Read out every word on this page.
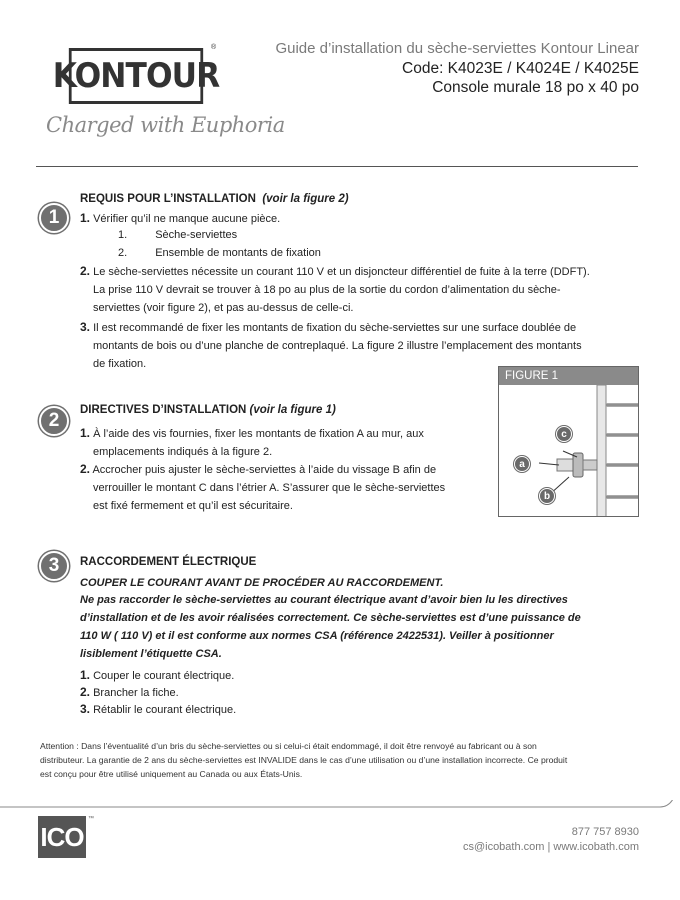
KONTOUR
®
Charged with Euphoria
Guide d’installation du sèche-serviettes Kontour Linear
Code: K4023E / K4024E / K4025E
Console murale 18 po x 40 po
1
REQUIS POUR L’INSTALLATION (voir la figure 2)
1. Vérifier qu’il ne manque aucune pièce.
1.	Sèche-serviettes
2.	Ensemble de montants de fixation
2. Le sèche-serviettes nécessite un courant 110 V et un disjoncteur différentiel de fuite à la terre (DDFT).
La prise 110 V devrait se trouver à 18 po au plus de la sortie du cordon d’alimentation du sèche-
serviettes (voir figure 2), et pas au-dessus de celle-ci.
3. Il est recommandé de fixer les montants de fixation du sèche-serviettes sur une surface doublée de
montants de bois ou d’une planche de contreplaqué. La figure 2 illustre l’emplacement des montants
de fixation.
FIGURE 1
c
a
b
2	DIRECTIVES D’INSTALLATION (voir la figure 1)
1. À l’aide des vis fournies, fixer les montants de fixation A au mur, aux
emplacements indiqués à la figure 2.
2. Accrocher puis ajuster le sèche-serviettes à l’aide du vissage B afin de
verrouiller le montant C dans l’étrier A. S’assurer que le sèche-serviettes
est fixé fermement et qu’il est sécuritaire.
3	RACCORDEMENT ÉLECTRIQUE
COUPER LE COURANT AVANT DE PROCÉDER AU RACCORDEMENT.
Ne pas raccorder le sèche-serviettes au courant électrique avant d’avoir bien lu les directives
d’installation et de les avoir réalisées correctement. Ce sèche-serviettes est d’une puissance de
110 W ( 110 V) et il est conforme aux normes CSA (référence 2422531). Veiller à positionner
lisiblement l’étiquette CSA.
1. Couper le courant électrique.
2. Brancher la fiche.
3. Rétablir le courant électrique.
Attention : Dans l’éventualité d’un bris du sèche-serviettes ou si celui-ci était endommagé, il doit être renvoyé au fabricant ou à son
distributeur. La garantie de 2 ans du sèche-serviettes est INVALIDE dans le cas d’une utilisation ou d’une installation incorrecte. Ce produit
est conçu pour être utilisé uniquement au Canada ou aux États-Unis.
ICO
™
877 757 8930
cs@icobath.com | www.icobath.com
